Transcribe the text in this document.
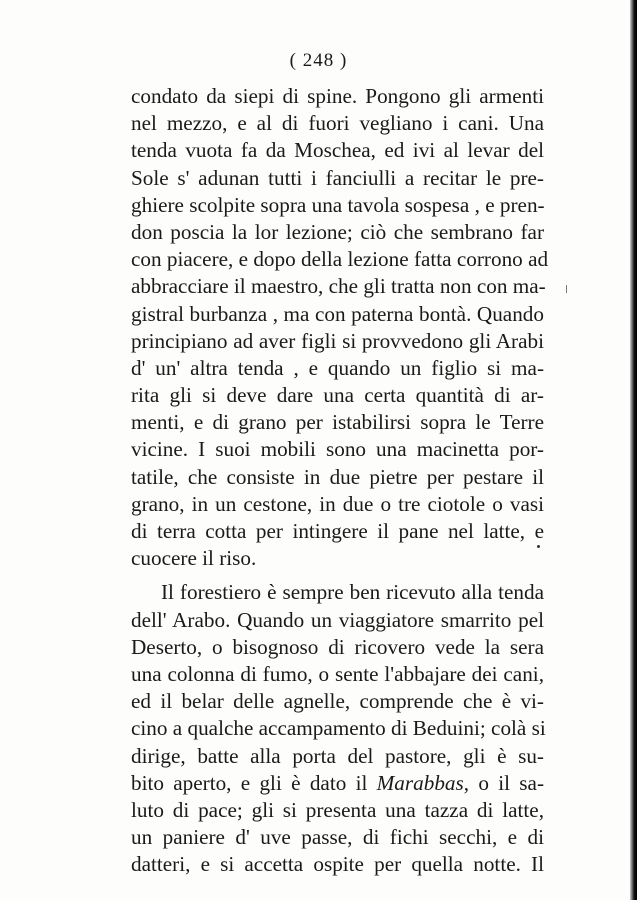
( 248 )
condato da siepi di spine. Pongono gli armenti
nel mezzo, e al di fuori vegliano i cani. Una
tenda vuota fa da Moschea, ed ivi al levar del
Sole s' adunan tutti i fanciulli a recitar le pre-
ghiere scolpite sopra una tavola sospesa , e pren-
don poscia la lor lezione; ciò che sembrano far
con piacere, e dopo della lezione fatta corrono ad
abbracciare il maestro, che gli tratta non con ma-
gistral burbanza , ma con paterna bontà. Quando
principiano ad aver figli si provvedono gli Arabi
d' un' altra tenda , e quando un figlio si ma-
rita gli si deve dare una certa quantità di ar-
menti, e di grano per istabilirsi sopra le Terre
vicine. I suoi mobili sono una macinetta por-
tatile, che consiste in due pietre per pestare il
grano, in un cestone, in due o tre ciotole o vasi
di terra cotta per intingere il pane nel latte, e
cuocere il riso.
Il forestiero è sempre ben ricevuto alla tenda
dell' Arabo. Quando un viaggiatore smarrito pel
Deserto, o bisognoso di ricovero vede la sera
una colonna di fumo, o sente l'abbajare dei cani,
ed il belar delle agnelle, comprende che è vi-
cino a qualche accampamento di Beduini; colà si
dirige, batte alla porta del pastore, gli è su-
bito aperto, e gli è dato il Marabbas, o il sa-
luto di pace; gli si presenta una tazza di latte,
un paniere d' uve passe, di fichi secchi, e di
datteri, e si accetta ospite per quella notte. Il
